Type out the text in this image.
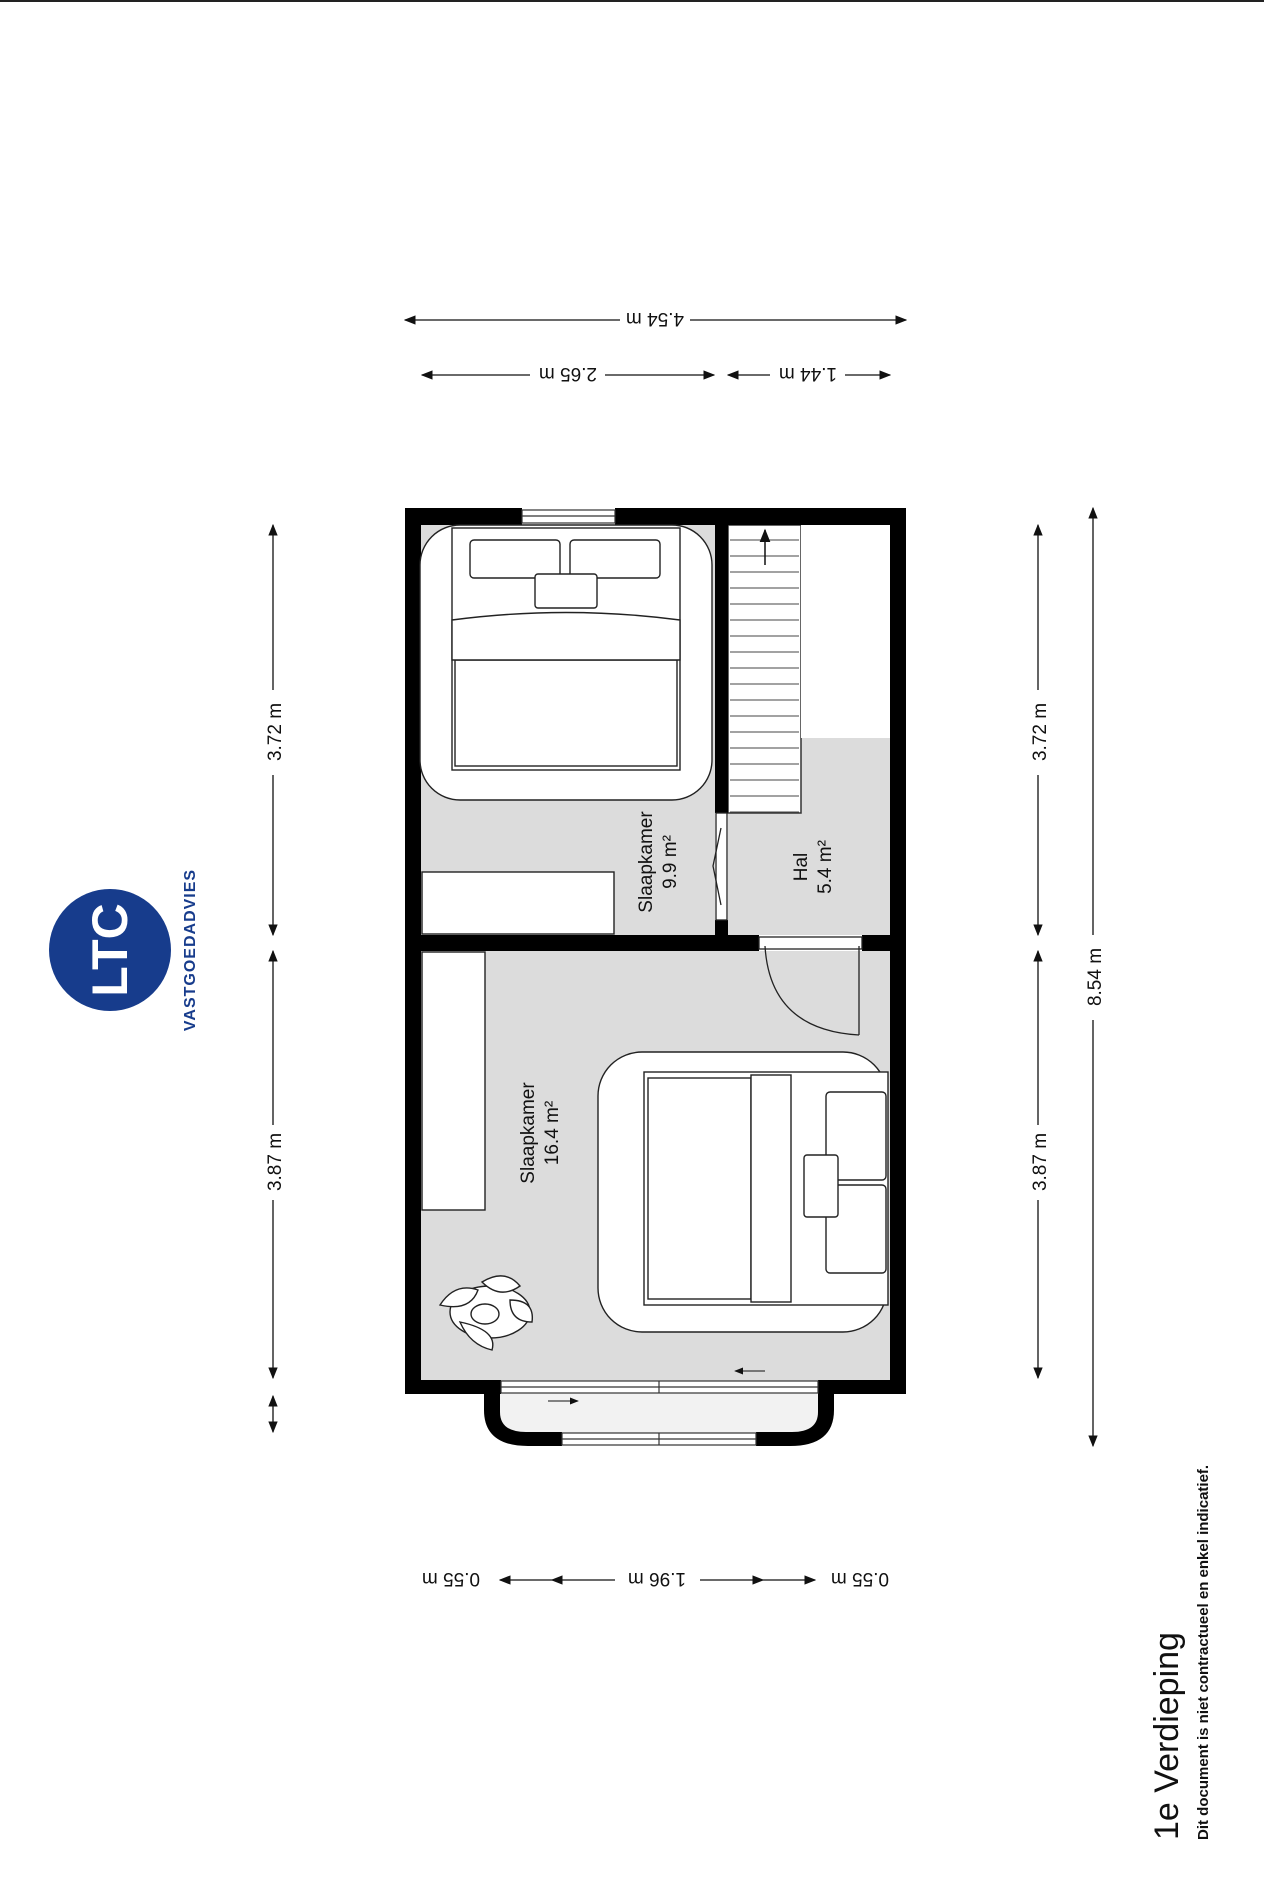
Slaapkamer 9.9 m²	Hal 5.4 m²
Slaapkamer 16.4 m²
4.54 m
2.65 m	1.44 m
3.72 m
3.87 m
3.72 m
3.87 m
8.54 m
0.55 m	1.96 m	0.55 m
LTC	VASTGOEDADVIES
1e Verdieping Dit document is niet contractueel en enkel indicatief.
